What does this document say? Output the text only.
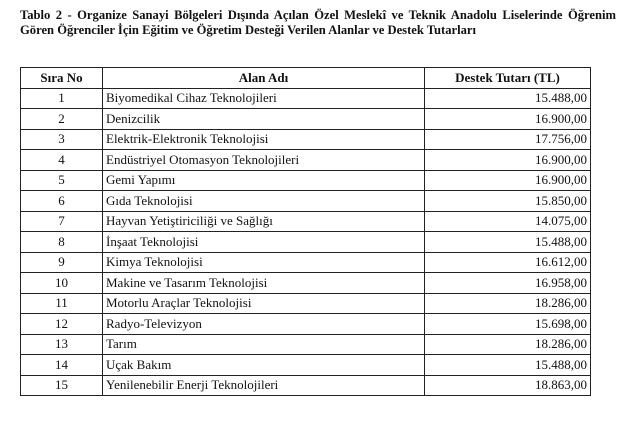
Tablo 2 - Organize Sanayi Bölgeleri Dışında Açılan Özel Meslekî ve Teknik Anadolu Liselerinde Öğrenim Gören Öğrenciler İçin Eğitim ve Öğretim Desteği Verilen Alanlar ve Destek Tutarları
Sıra No	Alan Adı	Destek Tutarı (TL)
1	Biyomedikal Cihaz Teknolojileri	15.488,00
2	Denizcilik	16.900,00
3	Elektrik-Elektronik Teknolojisi	17.756,00
4	Endüstriyel Otomasyon Teknolojileri	16.900,00
5	Gemi Yapımı	16.900,00
6	Gıda Teknolojisi	15.850,00
7	Hayvan Yetiştiriciliği ve Sağlığı	14.075,00
8	İnşaat Teknolojisi	15.488,00
9	Kimya Teknolojisi	16.612,00
10	Makine ve Tasarım Teknolojisi	16.958,00
11	Motorlu Araçlar Teknolojisi	18.286,00
12	Radyo-Televizyon	15.698,00
13	Tarım	18.286,00
14	Uçak Bakım	15.488,00
15	Yenilenebilir Enerji Teknolojileri	18.863,00
